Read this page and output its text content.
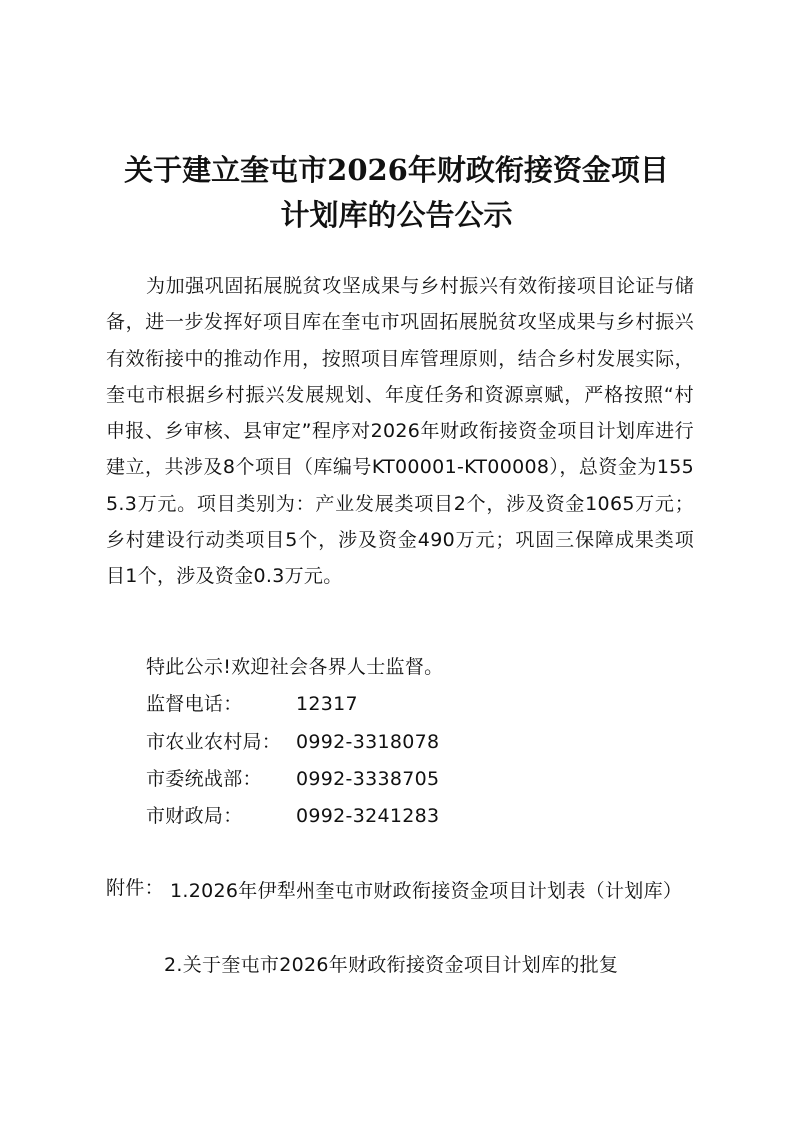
关于建立奎屯市2026年财政衔接资金项目
计划库的公告公示
为加强巩固拓展脱贫攻坚成果与乡村振兴有效衔接项目论证与储备，进一步发挥好项目库在奎屯市巩固拓展脱贫攻坚成果与乡村振兴有效衔接中的推动作用，按照项目库管理原则，结合乡村发展实际，奎屯市根据乡村振兴发展规划、年度任务和资源禀赋，严格按照“村申报、乡审核、县审定”程序对2026年财政衔接资金项目计划库进行建立，共涉及8个项目（库编号KT00001-KT00008），总资金为1555.3万元。项目类别为：产业发展类项目2个，涉及资金1065万元；乡村建设行动类项目5个，涉及资金490万元；巩固三保障成果类项目1个，涉及资金0.3万元。
特此公示!欢迎社会各界人士监督。
监督电话：	12317
市农业农村局： 0992-3318078
市委统战部： 0992-3338705
市财政局：	0992-3241283
附件： 1.2026年伊犁州奎屯市财政衔接资金项目计划表（计划库）
2.关于奎屯市2026年财政衔接资金项目计划库的批复
